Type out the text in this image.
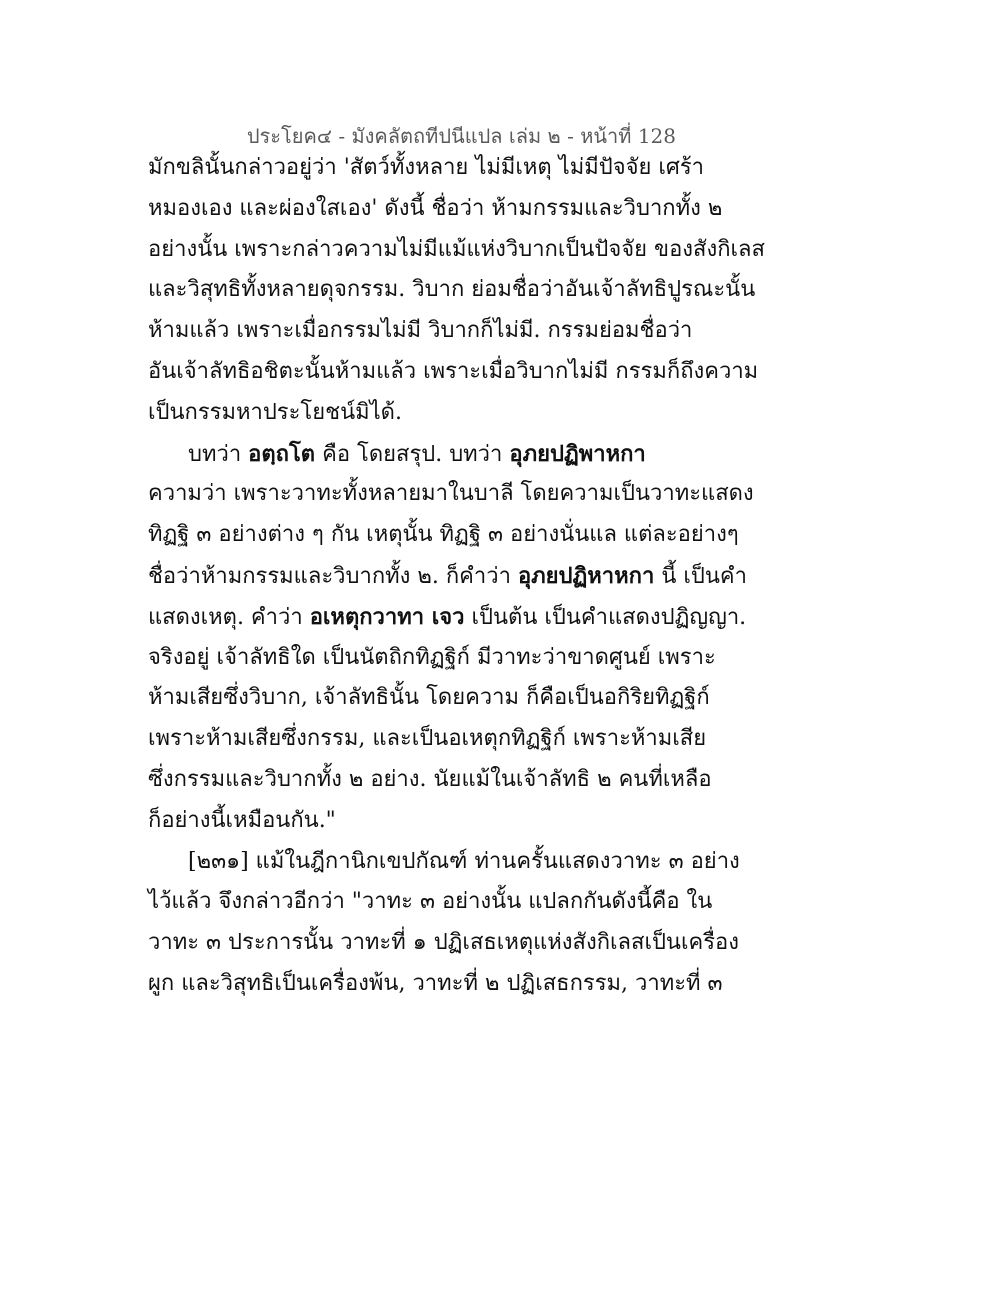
ประโยค๔ - มังคลัตถทีปนีแปล เล่ม ๒ - หน้าที่ 128
มักขลินั้นกล่าวอยู่ว่า 'สัตว์ทั้งหลาย ไม่มีเหตุ ไม่มีปัจจัย เศร้า
หมองเอง และผ่องใสเอง' ดังนี้ ชื่อว่า ห้ามกรรมและวิบากทั้ง ๒
อย่างนั้น เพราะกล่าวความไม่มีแม้แห่งวิบากเป็นปัจจัย ของสังกิเลส
และวิสุทธิทั้งหลายดุจกรรม. วิบาก ย่อมชื่อว่าอันเจ้าลัทธิปูรณะนั้น
ห้ามแล้ว เพราะเมื่อกรรมไม่มี วิบากก็ไม่มี. กรรมย่อมชื่อว่า
อันเจ้าลัทธิอชิตะนั้นห้ามแล้ว เพราะเมื่อวิบากไม่มี กรรมก็ถึงความ
เป็นกรรมหาประโยชน์มิได้.
บทว่า อตฺถโต คือ โดยสรุป. บทว่า อุภยปฏิพาหกา
ความว่า เพราะวาทะทั้งหลายมาในบาลี โดยความเป็นวาทะแสดง
ทิฏฐิ ๓ อย่างต่าง ๆ กัน เหตุนั้น ทิฏฐิ ๓ อย่างนั่นแล แต่ละอย่างๆ
ชื่อว่าห้ามกรรมและวิบากทั้ง ๒. ก็คำว่า อุภยปฏิหาหกา นี้ เป็นคำ
แสดงเหตุ. คำว่า อเหตุกวาทา เจว เป็นต้น เป็นคำแสดงปฏิญญา.
จริงอยู่ เจ้าลัทธิใด เป็นนัตถิกทิฏฐิก์ มีวาทะว่าขาดศูนย์ เพราะ
ห้ามเสียซึ่งวิบาก, เจ้าลัทธินั้น โดยความ ก็คือเป็นอกิริยทิฏฐิก์
เพราะห้ามเสียซึ่งกรรม, และเป็นอเหตุกทิฏฐิก์ เพราะห้ามเสีย
ซึ่งกรรมและวิบากทั้ง ๒ อย่าง. นัยแม้ในเจ้าลัทธิ ๒ คนที่เหลือ
ก็อย่างนี้เหมือนกัน."
[๒๓๑] แม้ในฎีกานิกเขปกัณฑ์ ท่านครั้นแสดงวาทะ ๓ อย่าง
ไว้แล้ว จึงกล่าวอีกว่า "วาทะ ๓ อย่างนั้น แปลกกันดังนี้คือ ใน
วาทะ ๓ ประการนั้น วาทะที่ ๑ ปฏิเสธเหตุแห่งสังกิเลสเป็นเครื่อง
ผูก และวิสุทธิเป็นเครื่องพ้น, วาทะที่ ๒ ปฏิเสธกรรม, วาทะที่ ๓
